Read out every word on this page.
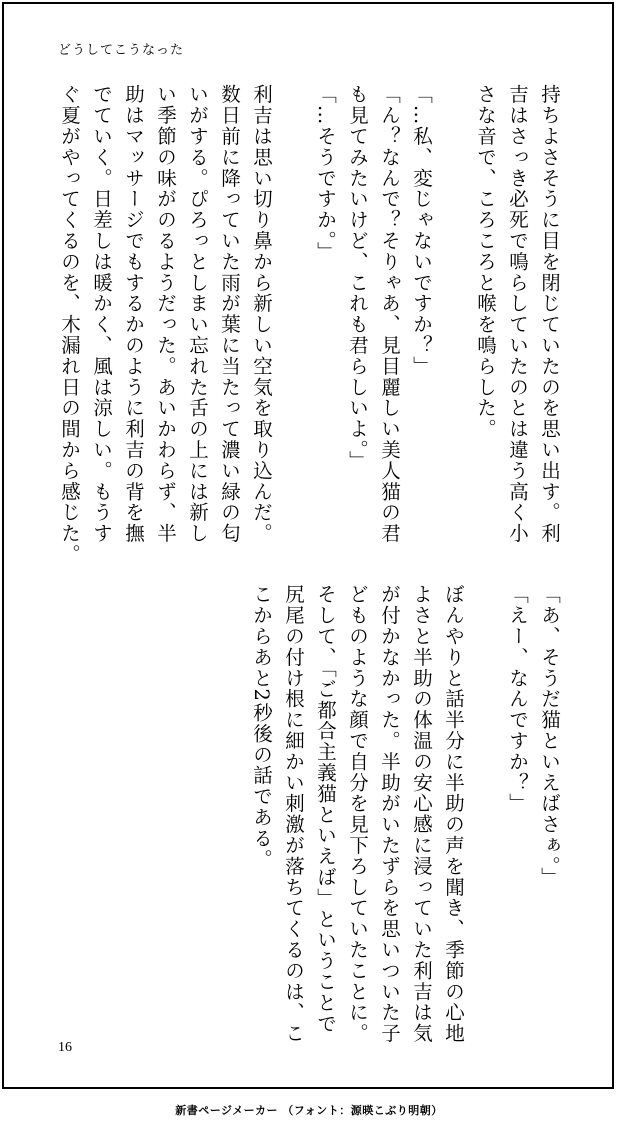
どうしてこうなった
持ちよさそうに目を閉じていたのを思い出す。利
吉はさっき必死で鳴らしていたのとは違う高く小
さな音で、ころころと喉を鳴らした。
「…私、変じゃないですか？」
「ん？なんで？そりゃあ、見目麗しい美人猫の君
も見てみたいけど、これも君らしいよ。」
「…そうですか。」
利吉は思い切り鼻から新しい空気を取り込んだ。
数日前に降っていた雨が葉に当たって濃い緑の匂
いがする。ぴろっとしまい忘れた舌の上には新し
い季節の味がのるようだった。あいかわらず、半
助はマッサージでもするかのように利吉の背を撫
でていく。日差しは暖かく、風は涼しい。もうす
ぐ夏がやってくるのを、木漏れ日の間から感じた。
「あ、そうだ猫といえばさぁ。」
「えー、なんですか？」
ぼんやりと話半分に半助の声を聞き、季節の心地
よさと半助の体温の安心感に浸っていた利吉は気
が付かなかった。半助がいたずらを思いついた子
どものような顔で自分を見下ろしていたことに。
そして、「ご都合主義猫といえば」ということで
尻尾の付け根に細かい刺激が落ちてくるのは、こ
こからあと2秒後の話である。
16
新書ページメーカー （フォント：源暎こぶり明朝）
